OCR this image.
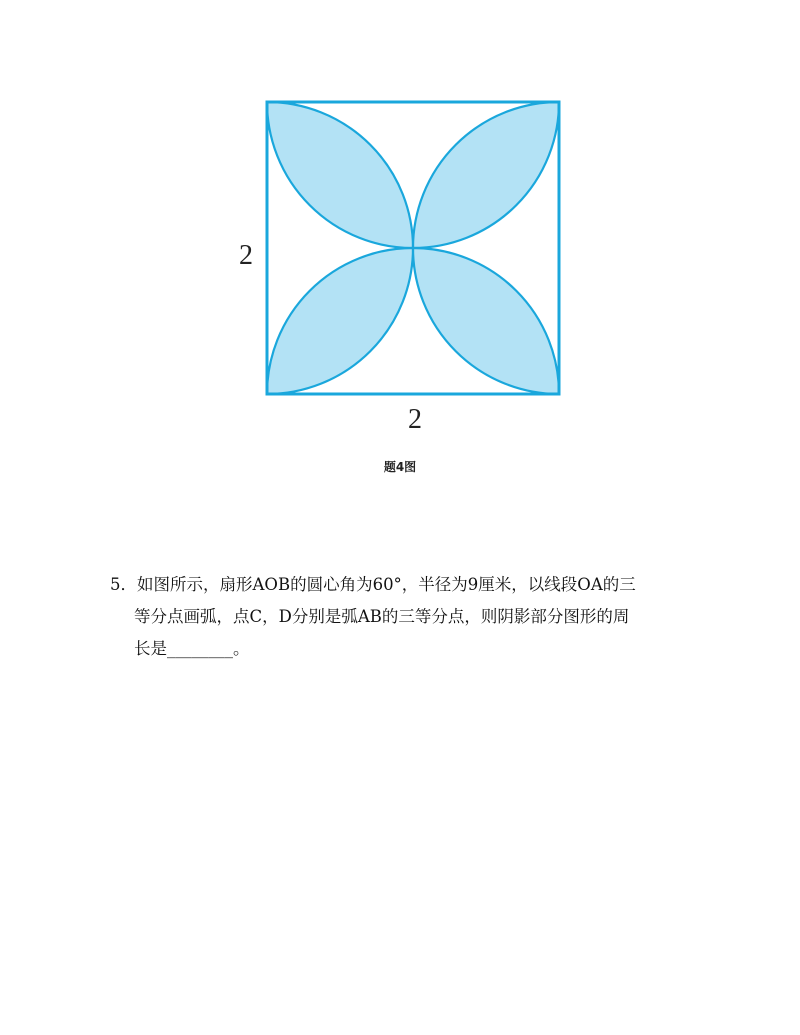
2
2
题4图
5．如图所示，扇形AOB的圆心角为60°，半径为9厘米，以线段OA的三
等分点画弧，点C，D分别是弧AB的三等分点，则阴影部分图形的周
长是________。
